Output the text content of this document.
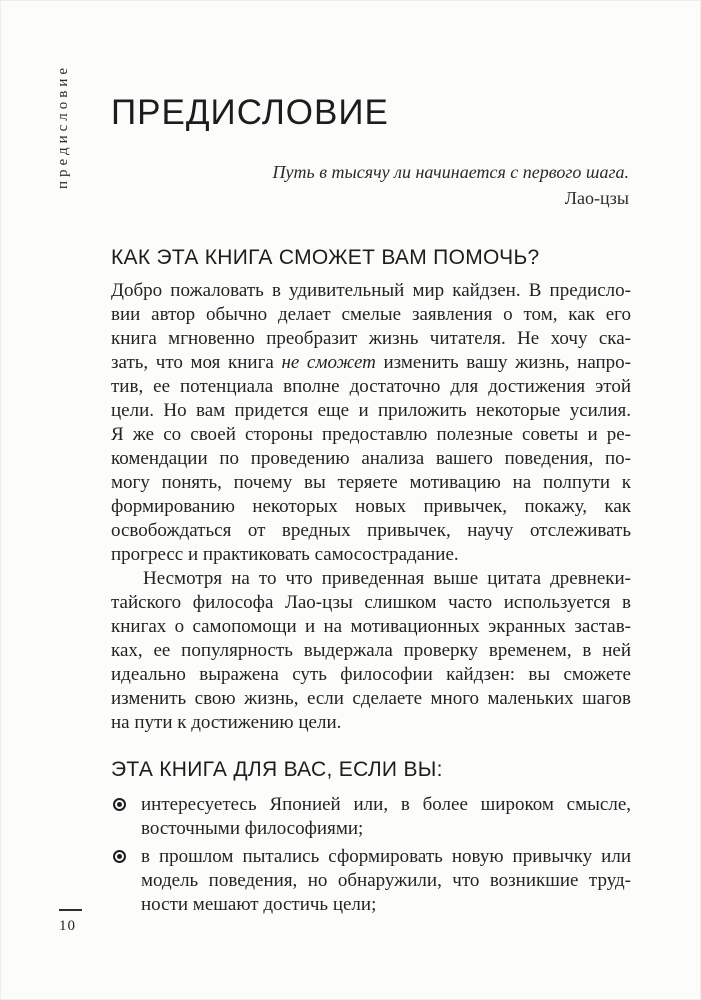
предисловие ПРЕДИСЛОВИЕ
Путь в тысячу ли начинается с первого шага.
Лао-цзы
КАК ЭТА КНИГА СМОЖЕТ ВАМ ПОМОЧЬ?
Добро пожаловать в удивительный мир кайдзен. В предисло-
вии автор обычно делает смелые заявления о том, как его
книга мгновенно преобразит жизнь читателя. Не хочу ска-
зать, что моя книга не сможет изменить вашу жизнь, напро-
тив, ее потенциала вполне достаточно для достижения этой
цели. Но вам придется еще и приложить некоторые усилия.
Я же со своей стороны предоставлю полезные советы и ре-
комендации по проведению анализа вашего поведения, по-
могу понять, почему вы теряете мотивацию на полпути к
формированию некоторых новых привычек, покажу, как
освобождаться от вредных привычек, научу отслеживать
прогресс и практиковать самосострадание.
Несмотря на то что приведенная выше цитата древнеки-
тайского философа Лао-цзы слишком часто используется в
книгах о самопомощи и на мотивационных экранных застав-
ках, ее популярность выдержала проверку временем, в ней
идеально выражена суть философии кайдзен: вы сможете
изменить свою жизнь, если сделаете много маленьких шагов
на пути к достижению цели.
ЭТА КНИГА ДЛЯ ВАС, ЕСЛИ ВЫ:
интересуетесь Японией или, в более широком смысле,
восточными философиями;
в прошлом пытались сформировать новую привычку или
модель поведения, но обнаружили, что возникшие труд-
ности мешают достичь цели;
10
